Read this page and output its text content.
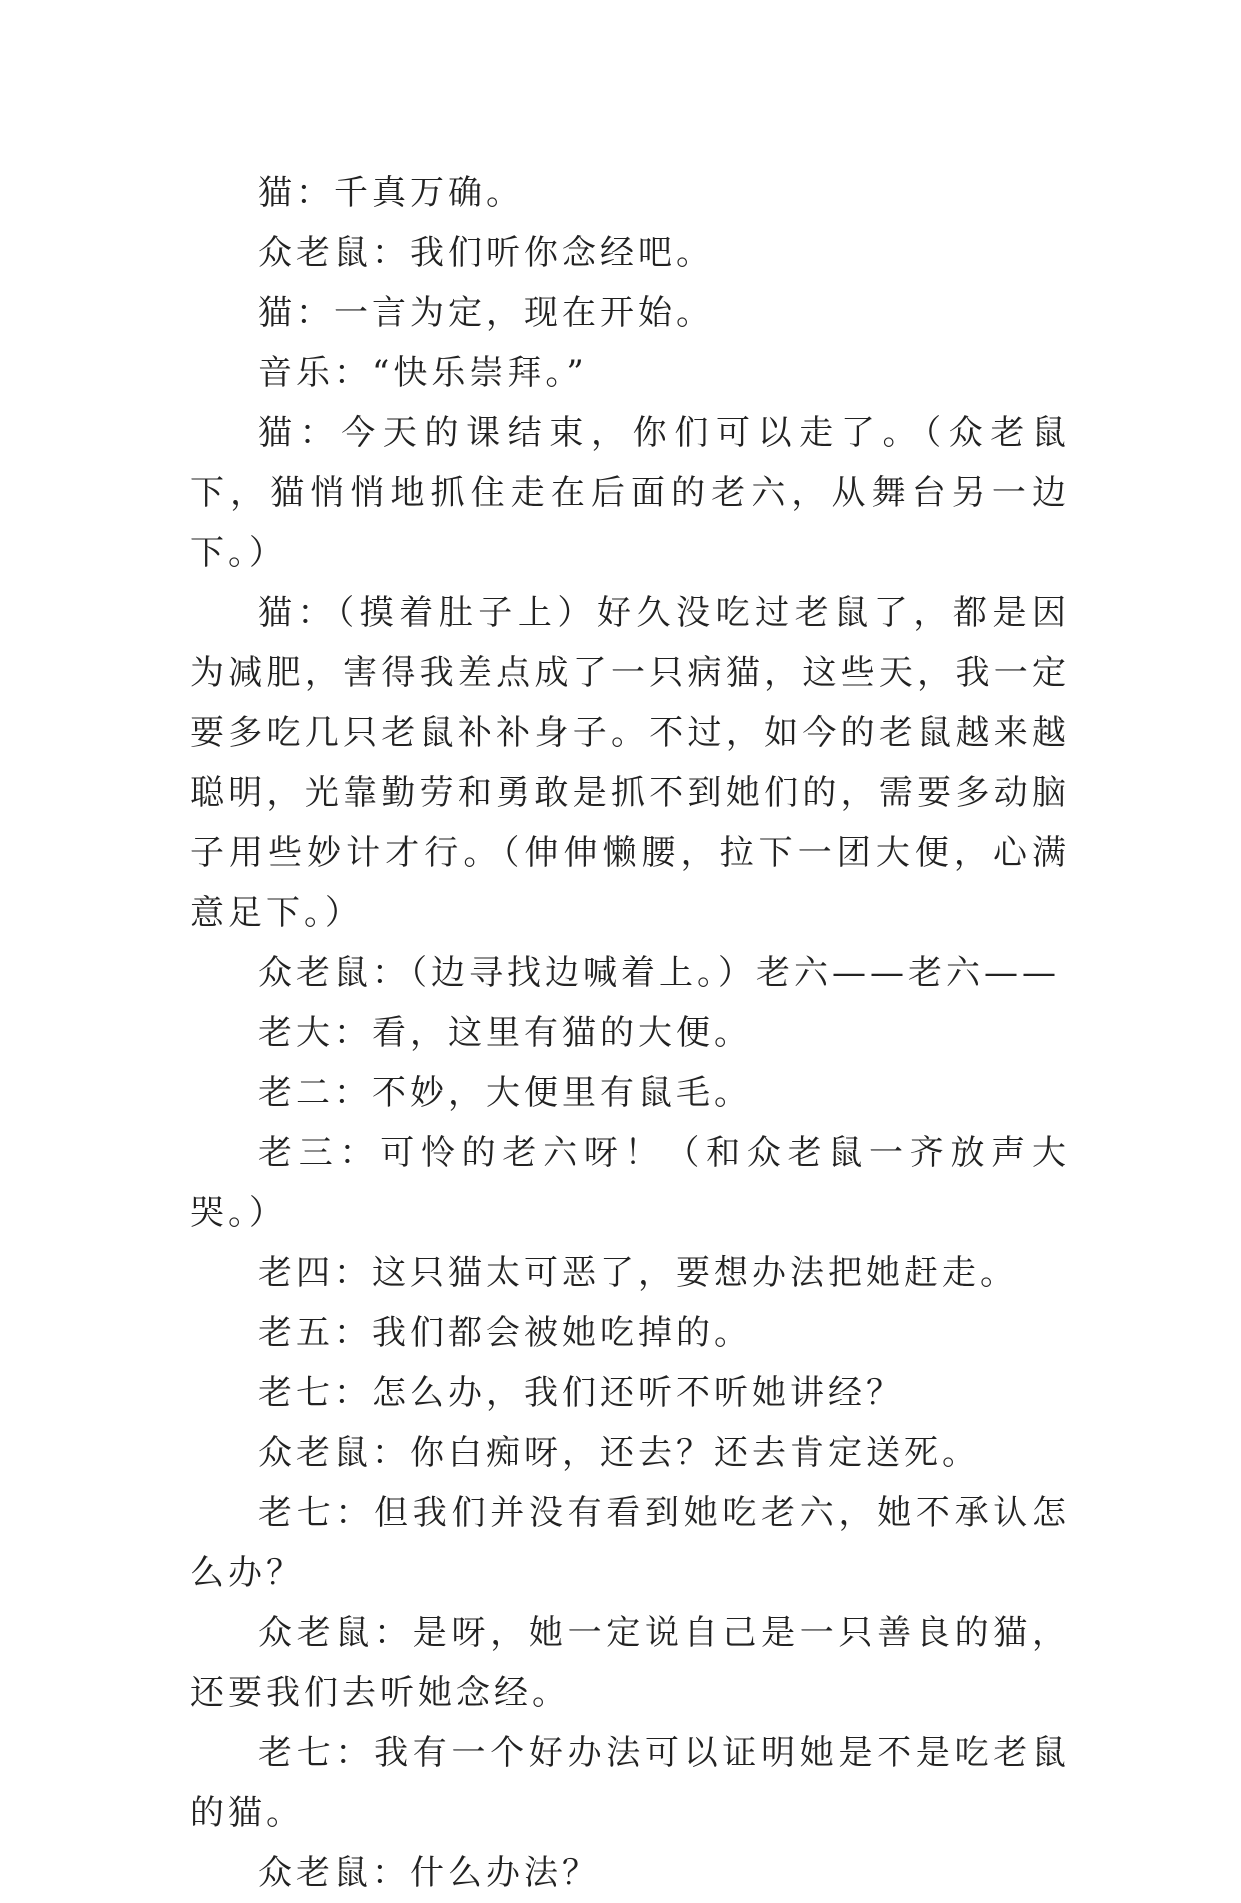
猫：千真万确。

众老鼠：我们听你念经吧。

猫：一言为定，现在开始。

音乐：“快乐崇拜。”

猫：今天的课结束，你们可以走了。（众老鼠下，猫悄悄地抓住走在后面的老六，从舞台另一边下。）

猫：（摸着肚子上）好久没吃过老鼠了，都是因为减肥，害得我差点成了一只病猫，这些天，我一定要多吃几只老鼠补补身子。不过，如今的老鼠越来越聪明，光靠勤劳和勇敢是抓不到她们的，需要多动脑子用些妙计才行。（伸伸懒腰，拉下一团大便，心满意足下。）

众老鼠：（边寻找边喊着上。）老六——老六——

老大：看，这里有猫的大便。

老二：不妙，大便里有鼠毛。

老三：可怜的老六呀！（和众老鼠一齐放声大哭。）

老四：这只猫太可恶了，要想办法把她赶走。

老五：我们都会被她吃掉的。

老七：怎么办，我们还听不听她讲经？

众老鼠：你白痴呀，还去？还去肯定送死。

老七：但我们并没有看到她吃老六，她不承认怎么办？

众老鼠：是呀，她一定说自己是一只善良的猫，还要我们去听她念经。

老七：我有一个好办法可以证明她是不是吃老鼠的猫。

众老鼠：什么办法？
